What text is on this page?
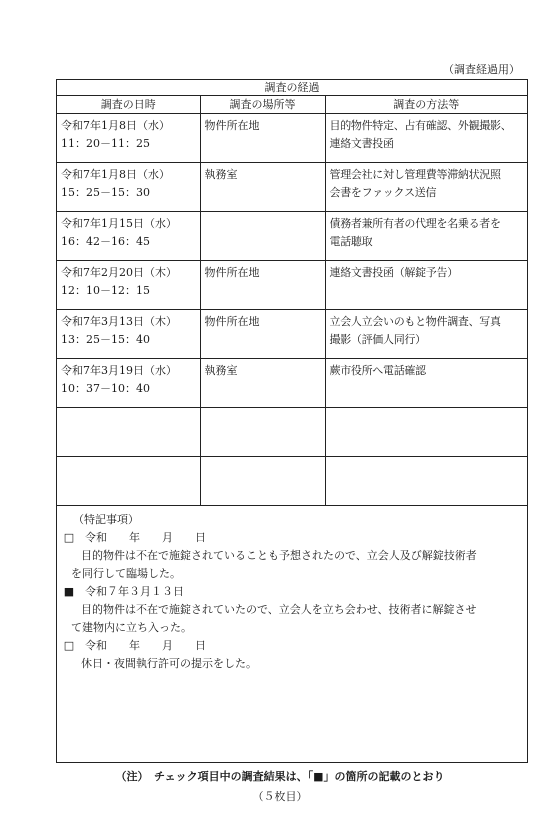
（調査経過用）
調査の経過		
調査の日時	調査の場所等	調査の方法等

令和7年1月8日（水）
11：20－11：25	物件所在地	目的物件特定、占有確認、外観撮影、
連絡文書投函

令和7年1月8日（水）
15：25－15：30	執務室	管理会社に対し管理費等滞納状況照
会書をファックス送信

令和7年1月15日（水）
16：42－16：45		債務者兼所有者の代理を名乗る者を
電話聴取

令和7年2月20日（木）
12：10－12：15	物件所在地	連絡文書投函（解錠予告）

令和7年3月13日（木）
13：25－15：40	物件所在地	立会人立会いのもと物件調査、写真
撮影（評価人同行）

令和7年3月19日（水）
10：37－10：40	執務室	蕨市役所へ電話確認

（特記事項）
□ 令和　　年　　月　　日
目的物件は不在で施錠されていることも予想されたので、立会人及び解錠技術者
を同行して臨場した。
■ 令和７年３月１３日
目的物件は不在で施錠されていたので、立会人を立ち会わせ、技術者に解錠させ
て建物内に立ち入った。
□ 令和　　年　　月　　日
休日・夜間執行許可の提示をした。
（注）　チェック項目中の調査結果は、「■」の箇所の記載のとおり
（５枚目）
